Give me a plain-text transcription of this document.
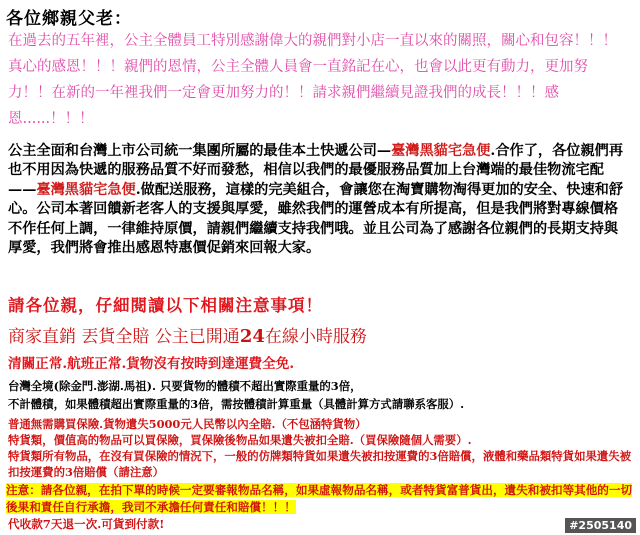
各位鄉親父老：
在過去的五年裡，公主全體員工特別感謝偉大的親們對小店一直以來的關照，關心和包容！！！真心的感恩！！！親們的恩情，公主全體人員會一直銘記在心，也會以此更有動力，更加努力！！在新的一年裡我們一定會更加努力的！！請求親們繼續見證我們的成長！！！感恩......！！！
公主全面和台灣上市公司統一集團所屬的最佳本土快遞公司—臺灣黑貓宅急便.合作了，各位親們再也不用因為快遞的服務品質不好而發愁，相信以我們的最優服務品質加上台灣端的最佳物流宅配——臺灣黑貓宅急便.做配送服務，這樣的完美組合，會讓您在淘寶購物淘得更加的安全、快速和舒心。公司本著回饋新老客人的支援與厚愛，雖然我們的運營成本有所提高，但是我們將對專線價格不作任何上調，一律維持原價，請親們繼續支持我們哦。並且公司為了感謝各位親們的長期支持與厚愛，我們將會推出感恩特惠價促銷來回報大家。
請各位親，仔細閱讀以下相關注意事項！
商家直銷 丟貨全賠 公主已開通24在線小時服務
清關正常.航班正常.貨物沒有按時到達運費全免.
台灣全境(除金門.澎湖.馬祖). 只要貨物的體積不超出實際重量的3倍，
不計體積，如果體積超出實際重量的3倍，需按體積計算重量（具體計算方式請聯系客服）.
普通無需購買保險.貨物遺失5000元人民幣以內全賠.（不包涵特貨物）
特貨類，價值高的物品可以買保險，買保險後物品如果遺失被扣全賠.（買保險隨個人需要）.
特貨類所有物品，在沒有買保險的情況下，一般的仿牌類特貨如果遺失被扣按運費的3倍賠償，液體和藥品類特貨如果遺失被扣按運費的3倍賠償（請注意）
注意：請各位親，在拍下單的時候一定要審報物品名稱，如果虛報物品名稱，或者特貨富普貨出，遺失和被扣等其他的一切後果和責任自行承擔，我司不承擔任何責任和賠償！！！
代收款7天退一次.可貨到付款!	#2505140
